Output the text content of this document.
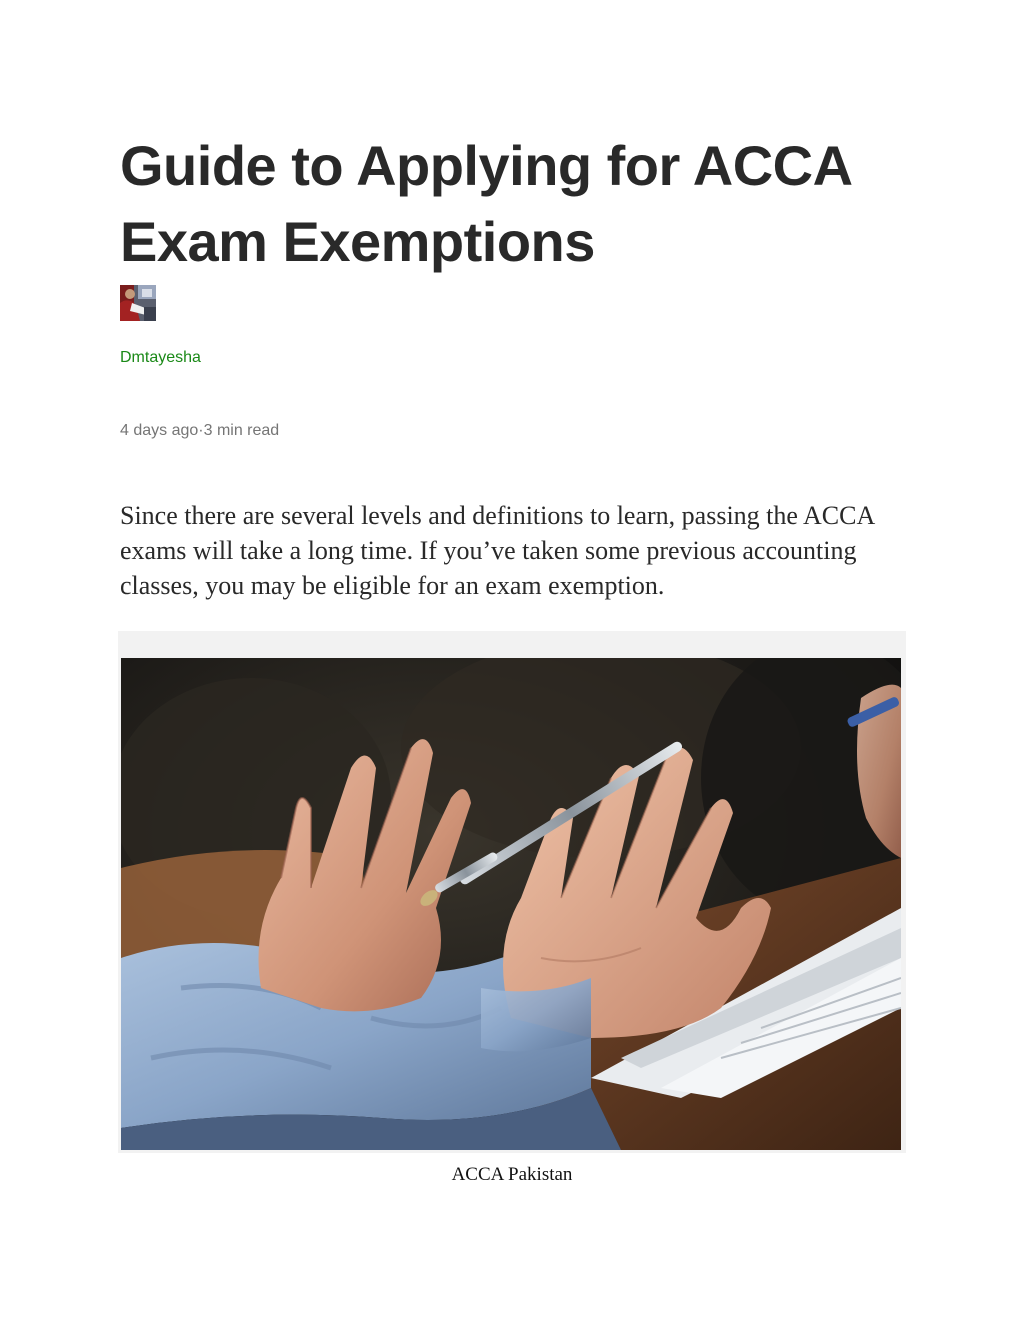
Guide to Applying for ACCA Exam Exemptions
Dmtayesha
4 days ago·3 min read

Since there are several levels and definitions to learn, passing the ACCA exams will take a long time. If you’ve taken some previous accounting classes, you may be eligible for an exam exemption.

ACCA Pakistan
